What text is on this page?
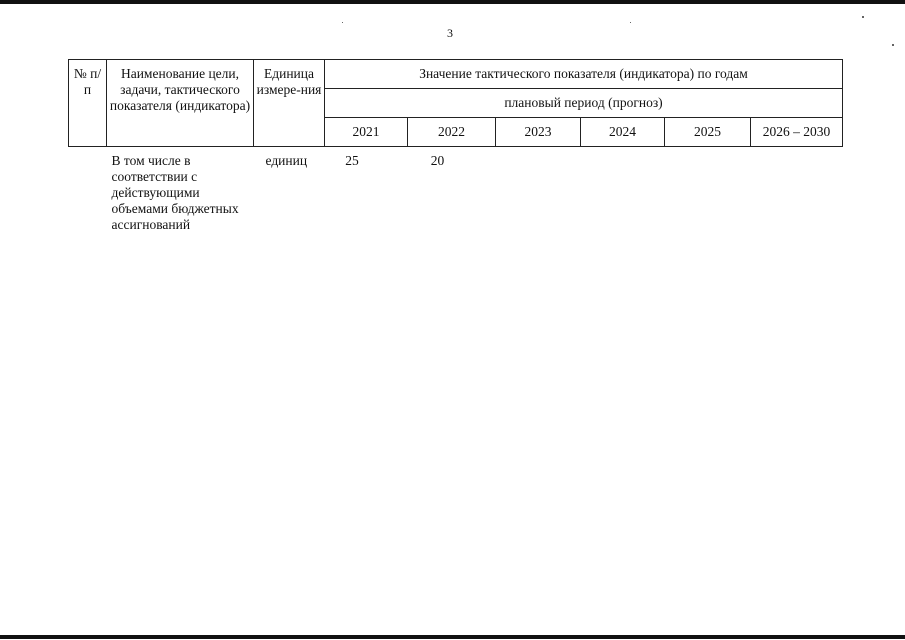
3
№ п/п	Наименование цели, задачи, тактического показателя (индикатора)	Единица измере-ния	Значение тактического показателя (индикатора) по годам					
			плановый период (прогноз)					
			2021	2022	2023	2024	2025	2026 – 2030
	В том числе в соответствии с действующими объемами бюджетных ассигнований	единиц	25	20				
